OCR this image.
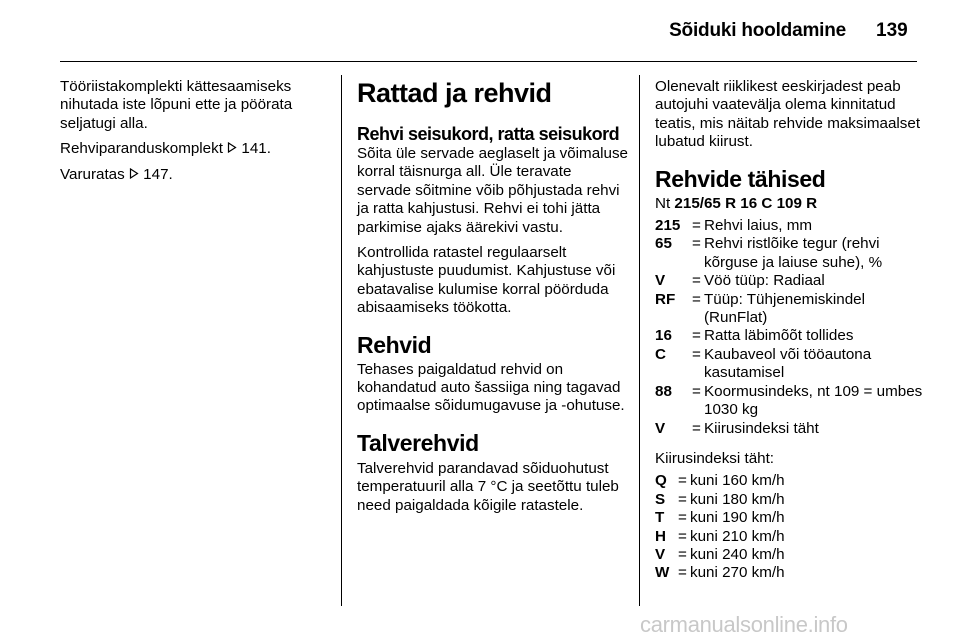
Sõiduki hooldamine 139

Tööriistakomplekti kättesaamiseks nihutada iste lõpuni ette ja pöörata seljatugi alla.

Rehviparanduskomplekt  141.

Varuratas  147.

Rattad ja rehvid
Rehvi seisukord, ratta seisukord

Sõita üle servade aeglaselt ja võimaluse korral täisnurga all. Üle teravate servade sõitmine võib põhjustada rehvi ja ratta kahjustusi. Rehvi ei tohi jätta parkimise ajaks äärekivi vastu.

Kontrollida ratastel regulaarselt kahjustuste puudumist. Kahjustuse või ebatavalise kulumise korral pöörduda abisaamiseks töökotta.

Rehvid

Tehases paigaldatud rehvid on kohandatud auto šassiiga ning tagavad optimaalse sõidumugavuse ja -ohutuse.

Talverehvid

Talverehvid parandavad sõiduohutust temperatuuril alla 7 °C ja seetõttu tuleb need paigaldada kõigile ratastele.

Olenevalt riiklikest eeskirjadest peab autojuhi vaatevälja olema kinnitatud teatis, mis näitab rehvide maksimaalset lubatud kiirust.

Rehvide tähised
Nt 215/65 R 16 C 109 R
215 = Rehvi laius, mm
65	= Rehvi ristlõike tegur (rehvi kõrguse ja laiuse suhe), %
V	= Vöö tüüp: Radiaal
RF	= Tüüp: Tühjenemiskindel (RunFlat)
16	= Ratta läbimõõt tollides
C	= Kaubaveol või tööautona kasutamisel
88	= Koormusindeks, nt 109 = umbes 1030 kg
V	= Kiirusindeksi täht
Kiirusindeksi täht:
Q = kuni 160 km/h
S = kuni 180 km/h
T = kuni 190 km/h
H = kuni 210 km/h
V = kuni 240 km/h
W = kuni 270 km/h
carmanualsonline.info
